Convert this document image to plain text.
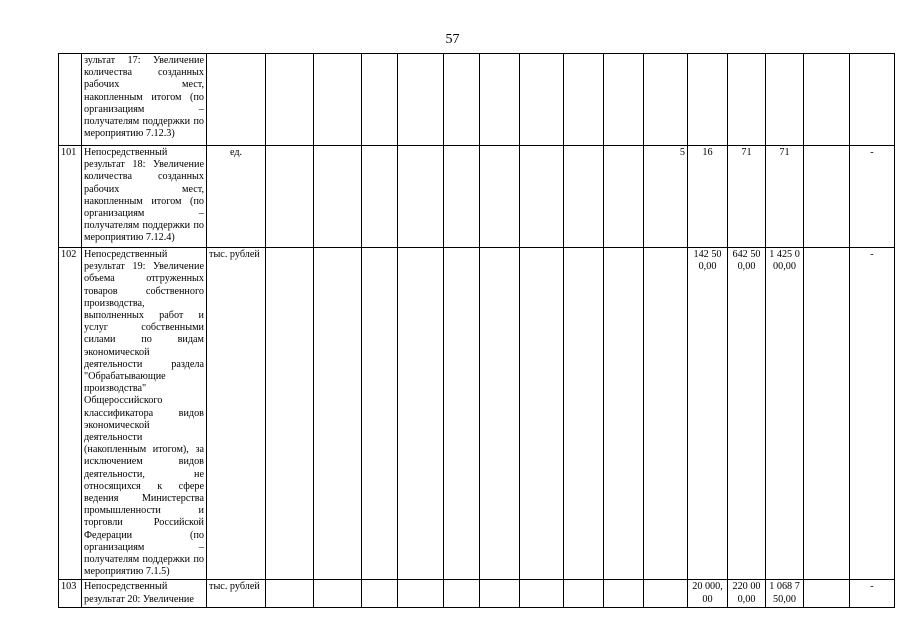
57
	зультат 17: Увеличение количества созданных рабочих мест, накопленным итогом (по организациям – получателям поддержки по мероприятию 7.12.3)																
101	Непосредственный результат 18: Увеличение количества созданных рабочих мест, накопленным итогом (по организациям – получателям поддержки по мероприятию 7.12.4)	ед.										5	16	71	71		-
102	Непосредственный результат 19: Увеличение объема отгруженных товаров собственного производства, выполненных работ и услуг собственными силами по видам экономической деятельности раздела "Обрабатывающие производства" Общероссийского классификатора видов экономической деятельности (накопленным итогом), за исключением видов деятельности, не относящихся к сфере ведения Министерства промышленности и торговли Российской Федерации (по организациям – получателям поддержки по мероприятию 7.1.5)	тыс. рублей											142 500,00	642 500,00	1 425 000,00		-
103	Непосредственный результат 20: Увеличение	тыс. рублей											20 000,00	220 000,00	1 068 750,00		-
